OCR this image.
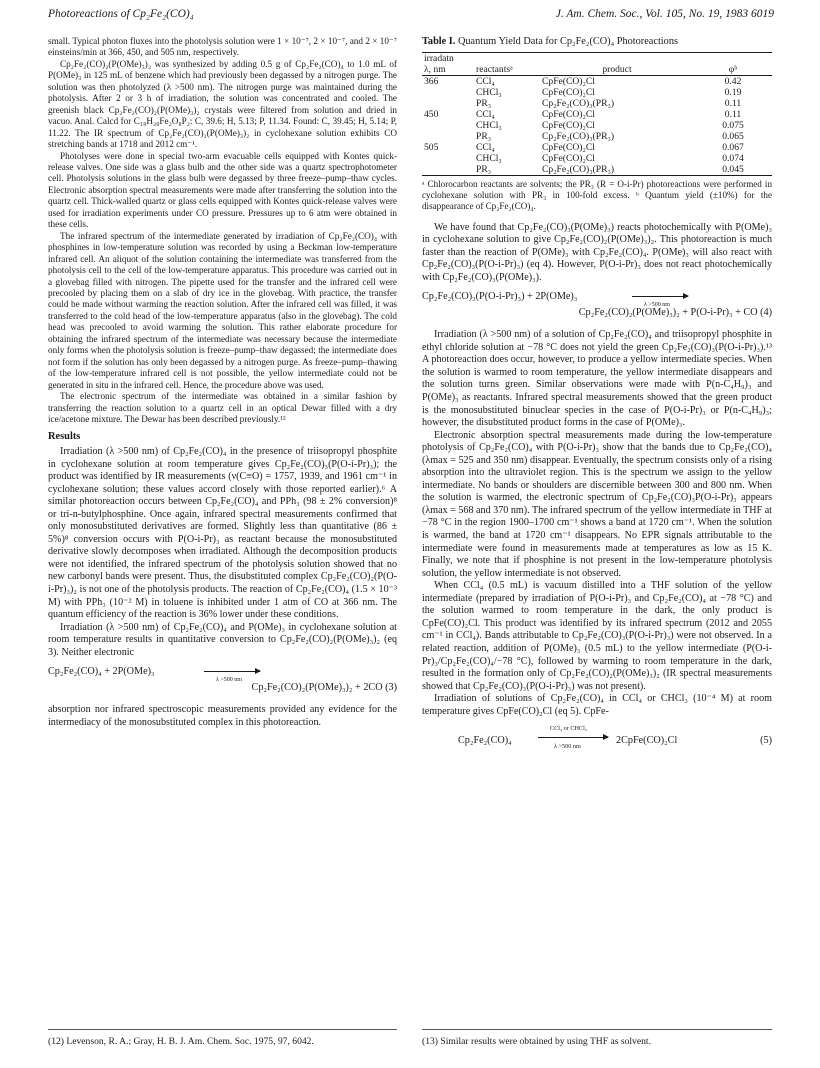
Photoreactions of Cp₂Fe₂(CO)₄	J. Am. Chem. Soc., Vol. 105, No. 19, 1983 6019

small. Typical photon fluxes into the photolysis solution were 1 × 10⁻⁷, 2 × 10⁻⁷, and 2 × 10⁻⁷ einsteins/min at 366, 450, and 505 nm, respectively.

Cp₂Fe₂(CO)₂(P(OMe)₃)₂ was synthesized by adding 0.5 g of Cp₂Fe₂(CO)₄ to 1.0 mL of P(OMe)₃ in 125 mL of benzene which had previously been degassed by a nitrogen purge. The solution was then photolyzed (λ >500 nm). The nitrogen purge was maintained during the photolysis. After 2 or 3 h of irradiation, the solution was concentrated and cooled. The greenish black Cp₂Fe₂(CO)₂(P(OMe)₃)₂ crystals were filtered from solution and dried in vacuo. Anal. Calcd for C₁₈H₂₈Fe₂O₈P₂: C, 39.6; H, 5.13; P, 11.34. Found: C, 39.45; H, 5.14; P, 11.22. The IR spectrum of Cp₂Fe₂(CO)₂(P(OMe)₃)₂ in cyclohexane solution exhibits CO stretching bands at 1718 and 2012 cm⁻¹.

Photolyses were done in special two-arm evacuable cells equipped with Kontes quick-release valves. One side was a glass bulb and the other side was a quartz spectrophotometer cell. Photolysis solutions in the glass bulb were degassed by three freeze–pump–thaw cycles. Electronic absorption spectral measurements were made after transferring the solution into the quartz cell. Thick-walled quartz or glass cells equipped with Kontes quick-release valves were used for irradiation experiments under CO pressure. Pressures up to 6 atm were obtained in these cells.

The infrared spectrum of the intermediate generated by irradiation of Cp₂Fe₂(CO)₄ with phosphines in low-temperature solution was recorded by using a Beckman low-temperature infrared cell. An aliquot of the solution containing the intermediate was transferred from the photolysis cell to the cell of the low-temperature apparatus. This procedure was carried out in a glovebag filled with nitrogen. The pipette used for the transfer and the infrared cell were precooled by placing them on a slab of dry ice in the glovebag. With practice, the transfer could be made without warming the reaction solution. After the infrared cell was filled, it was transferred to the cold head of the low-temperature apparatus (also in the glovebag). The cold head was precooled to avoid warming the solution. This rather elaborate procedure for obtaining the infrared spectrum of the intermediate was necessary because the intermediate only forms when the photolysis solution is freeze–pump–thaw degassed; the intermediate does not form if the solution has only been degassed by a nitrogen purge. As freeze–pump–thawing of the low-temperature infrared cell is not possible, the yellow intermediate could not be generated in situ in the infrared cell. Hence, the procedure above was used.

The electronic spectrum of the intermediate was obtained in a similar fashion by transferring the reaction solution to a quartz cell in an optical Dewar filled with a dry ice/acetone mixture. The Dewar has been described previously.¹²

Results

Irradiation (λ >500 nm) of Cp₂Fe₂(CO)₄ in the presence of triisopropyl phosphite in cyclohexane solution at room temperature gives Cp₂Fe₂(CO)₃(P(O-i-Pr)₃); the product was identified by IR measurements (ν(C≡O) = 1757, 1939, and 1961 cm⁻¹ in cyclohexane solution; these values accord closely with those reported earlier).⁶ A similar photoreaction occurs between Cp₂Fe₂(CO)₄ and PPh₃ (98 ± 2% conversion)⁸ or tri-n-butylphosphine. Once again, infrared spectral measurements confirmed that only monosubstituted derivatives are formed. Slightly less than quantitative (86 ± 5%)⁸ conversion occurs with P(O-i-Pr)₃ as reactant because the monosubstituted derivative slowly decomposes when irradiated. Although the decomposition products were not identified, the infrared spectrum of the photolysis solution showed that no new carbonyl bands were present. Thus, the disubstituted complex Cp₂Fe₂(CO)₂(P(O-i-Pr)₃)₂ is not one of the photolysis products. The reaction of Cp₂Fe₂(CO)₄ (1.5 × 10⁻³ M) with PPh₃ (10⁻² M) in toluene is inhibited under 1 atm of CO at 366 nm. The quantum efficiency of the reaction is 36% lower under these conditions.

Irradiation (λ >500 nm) of Cp₂Fe₂(CO)₄ and P(OMe)₃ in cyclohexane solution at room temperature results in quantitative conversion to Cp₂Fe₂(CO)₂(P(OMe)₃)₂ (eq 3). Neither electronic

Cp₂Fe₂(CO)₄ + 2P(OMe)₃
λ >500 nm
Cp₂Fe₂(CO)₂(P(OMe)₃)₂ + 2CO (3)

absorption nor infrared spectroscopic measurements provided any evidence for the intermediacy of the monosubstituted complex in this photoreaction.

Table I. Quantum Yield Data for Cp₂Fe₂(CO)₄ Photoreactions
irradatn			
λ, nm	reactantsᵃ	product	φᵇ
366	CCl₄	CpFe(CO)₂Cl	0.42
	CHCl₃	CpFe(CO)₂Cl	0.19
	PR₃	Cp₂Fe₂(CO)₃(PR₃)	0.11
450	CCl₄	CpFe(CO)₂Cl	0.11
	CHCl₃	CpFe(CO)₂Cl	0.075
	PR₃	Cp₂Fe₂(CO)₃(PR₃)	0.065
505	CCl₄	CpFe(CO)₂Cl	0.067
	CHCl₃	CpFe(CO)₂Cl	0.074
	PR₃	Cp₂Fe₂(CO)₃(PR₃)	0.045
ᵃ Chlorocarbon reactants are solvents; the PR₃ (R = O-i-Pr) photoreactions were performed in cyclohexane solution with PR₃ in 100-fold excess. ᵇ Quantum yield (±10%) for the disappearance of Cp₂Fe₂(CO)₄.

We have found that Cp₂Fe₂(CO)₃(P(OMe)₃) reacts photochemically with P(OMe)₃ in cyclohexane solution to give Cp₂Fe₂(CO)₂(P(OMe)₃)₂. This photoreaction is much faster than the reaction of P(OMe)₃ with Cp₂Fe₂(CO)₄. P(OMe)₃ will also react with Cp₂Fe₂(CO)₃(P(O-i-Pr)₃) (eq 4). However, P(O-i-Pr)₃ does not react photochemically with Cp₂Fe₂(CO)₃(P(OMe)₃).

Cp₂Fe₂(CO)₃(P(O-i-Pr)₃) + 2P(OMe)₃
λ >500 nm
Cp₂Fe₂(CO)₂(P(OMe)₃)₂ + P(O-i-Pr)₃ + CO (4)

Irradiation (λ >500 nm) of a solution of Cp₂Fe₂(CO)₄ and triisopropyl phosphite in ethyl chloride solution at −78 °C does not yield the green Cp₂Fe₂(CO)₃(P(O-i-Pr)₃).¹³ A photoreaction does occur, however, to produce a yellow intermediate species. When the solution is warmed to room temperature, the yellow intermediate disappears and the solution turns green. Similar observations were made with P(n-C₄H₉)₃ and P(OMe)₃ as reactants. Infrared spectral measurements showed that the green product is the monosubstituted binuclear species in the case of P(O-i-Pr)₃ or P(n-C₄H₉)₃; however, the disubstituted product forms in the case of P(OMe)₃.

Electronic absorption spectral measurements made during the low-temperature photolysis of Cp₂Fe₂(CO)₄ with P(O-i-Pr)₃ show that the bands due to Cp₂Fe₂(CO)₄ (λmax = 525 and 350 nm) disappear. Eventually, the spectrum consists only of a rising absorption into the ultraviolet region. This is the spectrum we assign to the yellow intermediate. No bands or shoulders are discernible between 300 and 800 nm. When the solution is warmed, the electronic spectrum of Cp₂Fe₂(CO)₃P(O-i-Pr)₃ appears (λmax = 568 and 370 nm). The infrared spectrum of the yellow intermediate in THF at −78 °C in the region 1900–1700 cm⁻¹ shows a band at 1720 cm⁻¹. When the solution is warmed, the band at 1720 cm⁻¹ disappears. No EPR signals attributable to the intermediate were found in measurements made at temperatures as low as 15 K. Finally, we note that if phosphine is not present in the low-temperature photolysis solution, the yellow intermediate is not observed.

When CCl₄ (0.5 mL) is vacuum distilled into a THF solution of the yellow intermediate (prepared by irradiation of P(O-i-Pr)₃ and Cp₂Fe₂(CO)₄ at −78 °C) and the solution warmed to room temperature in the dark, the only product is CpFe(CO)₂Cl. This product was identified by its infrared spectrum (2012 and 2055 cm⁻¹ in CCl₄). Bands attributable to Cp₂Fe₂(CO)₃(P(O-i-Pr)₃) were not observed. In a related reaction, addition of P(OMe)₃ (0.5 mL) to the yellow intermediate (P(O-i-Pr)₃/Cp₂Fe₂(CO)₄/−78 °C), followed by warming to room temperature in the dark, resulted in the formation only of Cp₂Fe₂(CO)₂(P(OMe)₃)₂ (IR spectral measurements showed that Cp₂Fe₂(CO)₃(P(O-i-Pr)₃) was not present).

Irradiation of solutions of Cp₂Fe₂(CO)₄ in CCl₄ or CHCl₃ (10⁻⁴ M) at room temperature gives CpFe(CO)₂Cl (eq 5). CpFe-

Cp₂Fe₂(CO)₄
CCl₄ or CHCl₃
λ >500 nm
2CpFe(CO)₂Cl	(5)
(12) Levenson, R. A.; Gray, H. B. J. Am. Chem. Soc. 1975, 97, 6042.	(13) Similar results were obtained by using THF as solvent.
